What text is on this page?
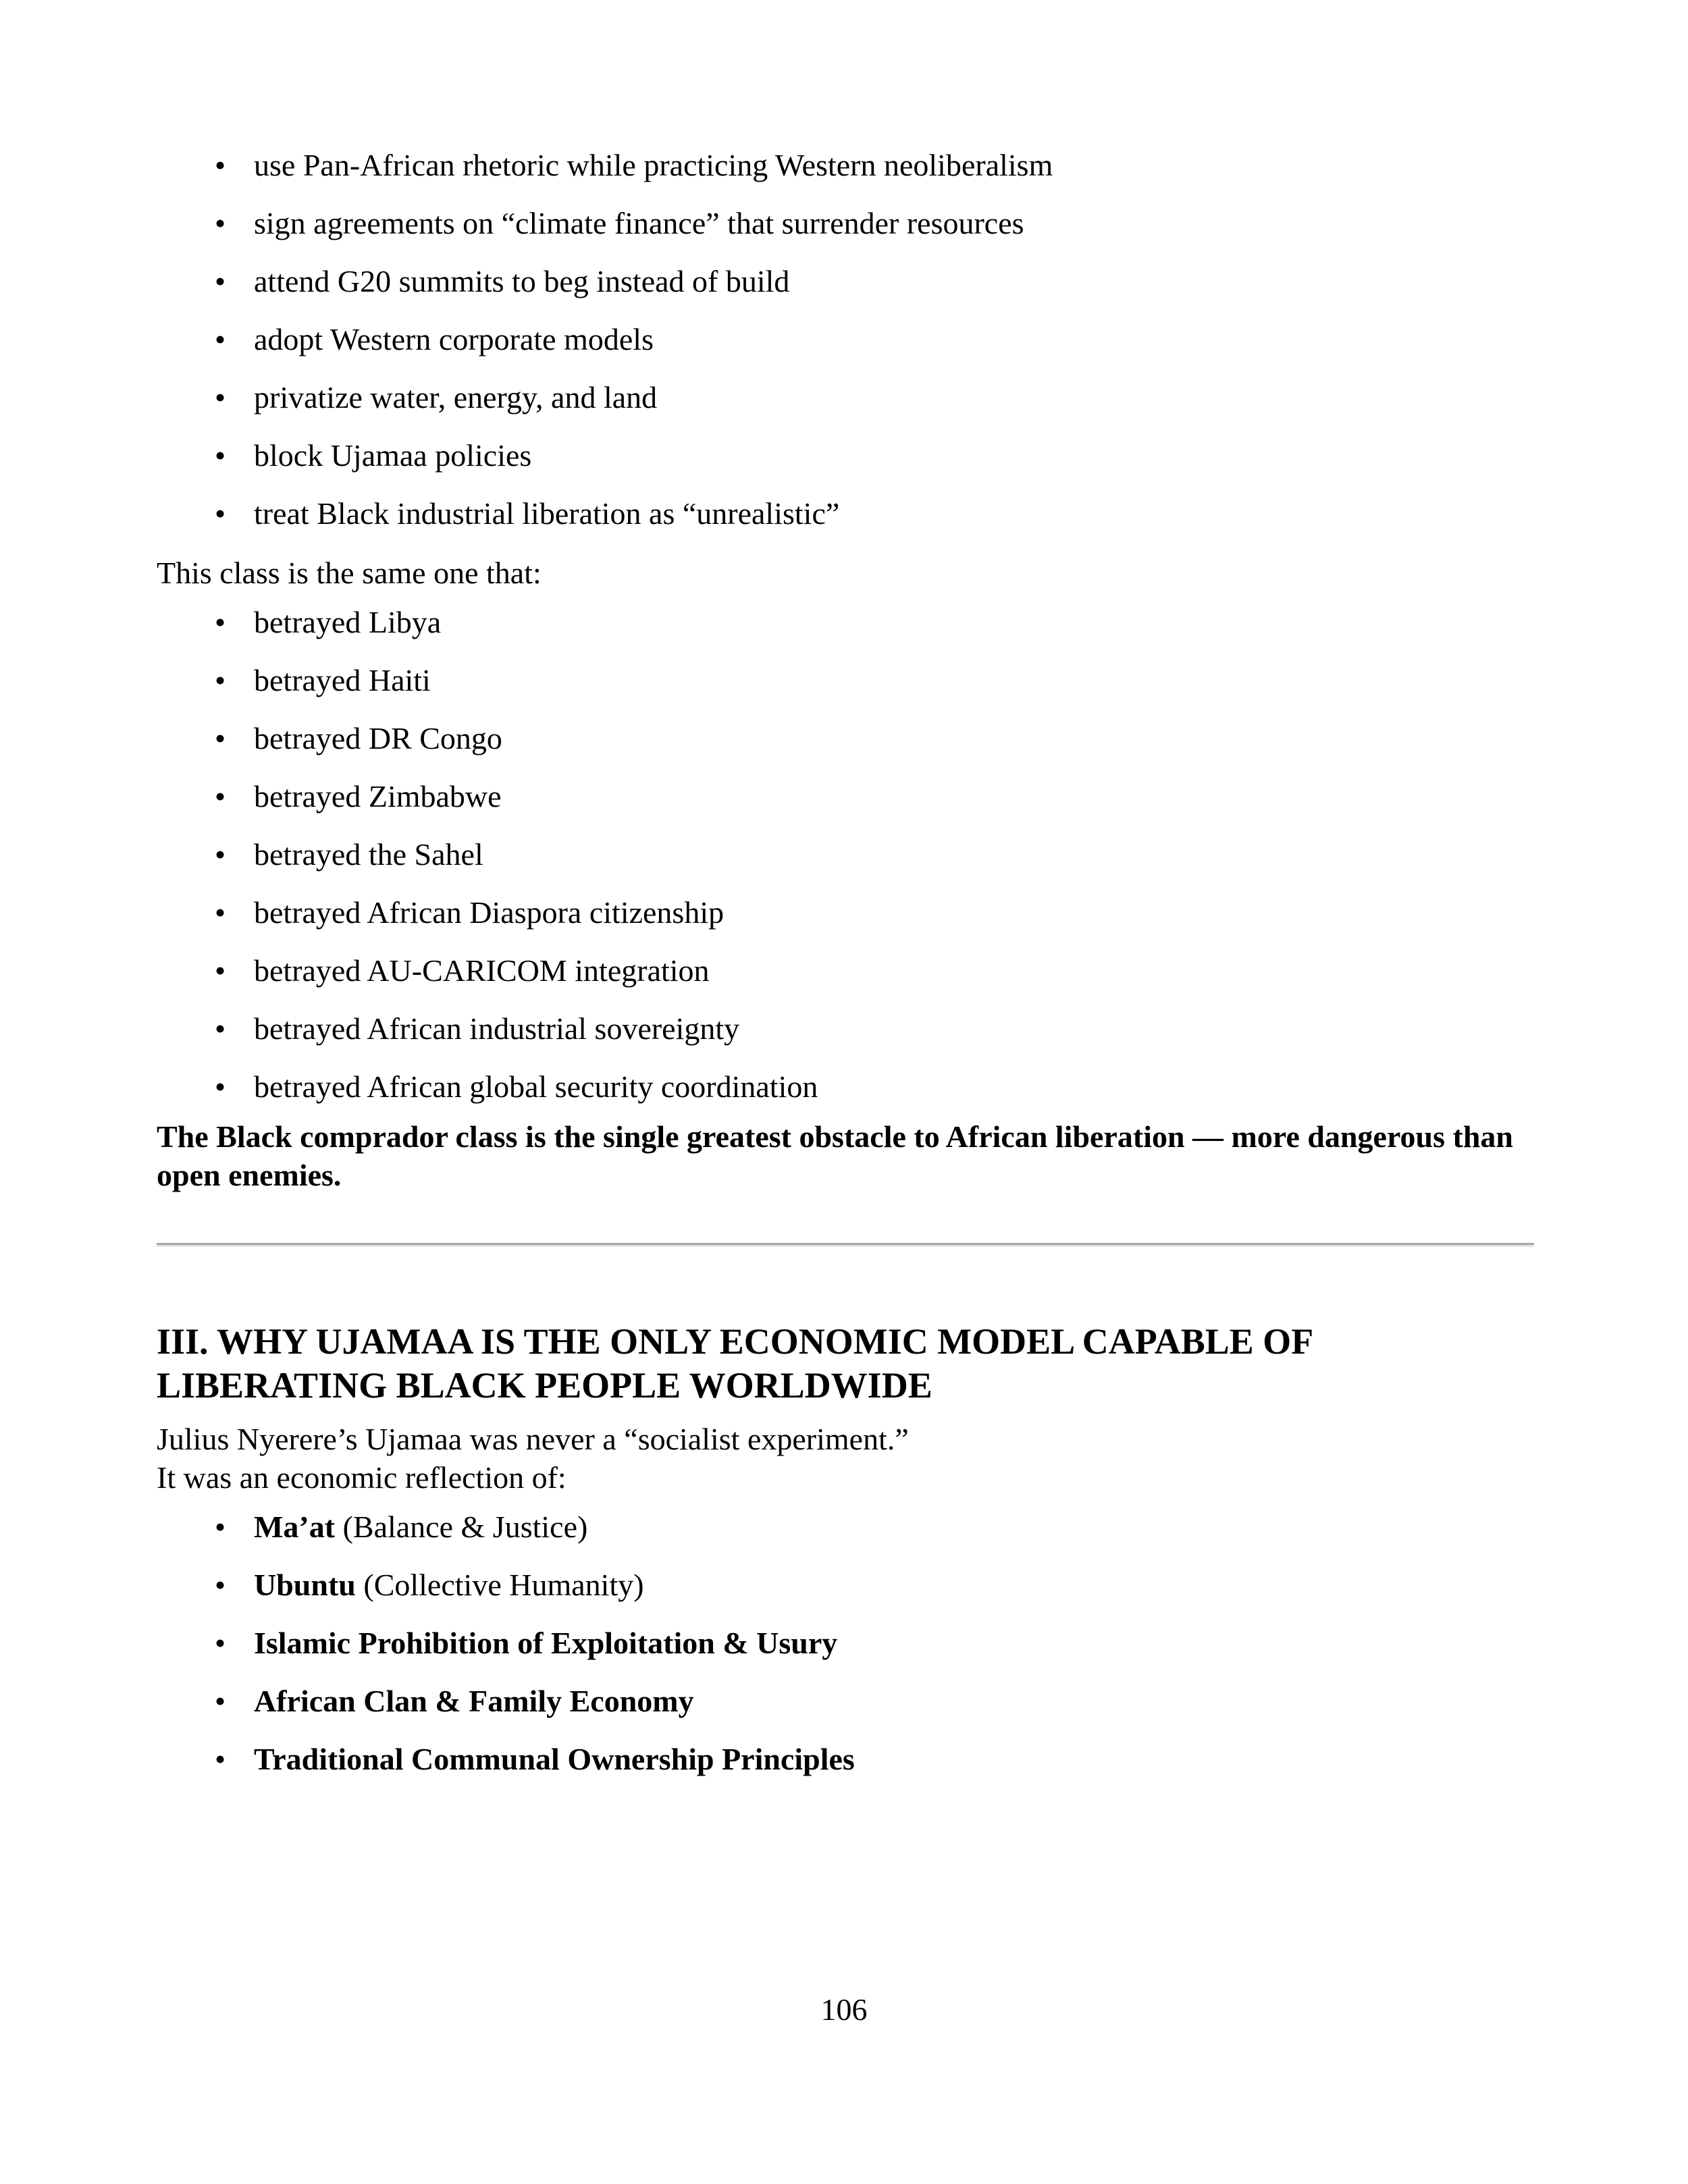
• use Pan-African rhetoric while practicing Western neoliberalism
• sign agreements on “climate finance” that surrender resources
• attend G20 summits to beg instead of build
• adopt Western corporate models
• privatize water, energy, and land
• block Ujamaa policies
• treat Black industrial liberation as “unrealistic”

This class is the same one that:

• betrayed Libya
• betrayed Haiti
• betrayed DR Congo
• betrayed Zimbabwe
• betrayed the Sahel
• betrayed African Diaspora citizenship
• betrayed AU-CARICOM integration
• betrayed African industrial sovereignty
• betrayed African global security coordination

The Black comprador class is the single greatest obstacle to African liberation — more dangerous than open enemies.

III. WHY UJAMAA IS THE ONLY ECONOMIC MODEL CAPABLE OF LIBERATING BLACK PEOPLE WORLDWIDE

Julius Nyerere’s Ujamaa was never a “socialist experiment.”
It was an economic reflection of:

• Ma’at (Balance & Justice)
• Ubuntu (Collective Humanity)
• Islamic Prohibition of Exploitation & Usury
• African Clan & Family Economy
• Traditional Communal Ownership Principles
106
